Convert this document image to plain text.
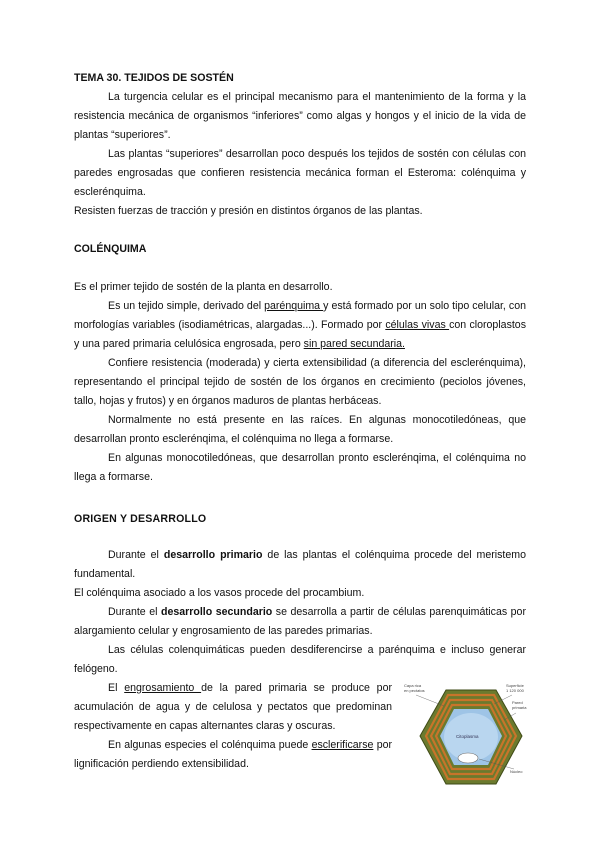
TEMA 30. TEJIDOS DE SOSTÉN

La turgencia celular es el principal mecanismo para el mantenimiento de la forma y la resistencia mecánica de organismos “inferiores” como algas y hongos y el inicio de la vida de plantas “superiores”.

Las plantas “superiores” desarrollan poco después los tejidos de sostén con células con paredes engrosadas que confieren resistencia mecánica forman el Esteroma: colénquima y esclerénquima.

Resisten fuerzas de tracción y presión en distintos órganos de las plantas.

COLÉNQUIMA

Es el primer tejido de sostén de la planta en desarrollo.

Es un tejido simple, derivado del parénquima y está formado por un solo tipo celular, con morfologías variables (isodiamétricas, alargadas...). Formado por células vivas con cloroplastos y una pared primaria celulósica engrosada, pero sin pared secundaria.

Confiere resistencia (moderada) y cierta extensibilidad (a diferencia del esclerénquima), representando el principal tejido de sostén de los órganos en crecimiento (peciolos jóvenes, tallo, hojas y frutos) y en órganos maduros de plantas herbáceas.

Normalmente no está presente en las raíces. En algunas monocotiledóneas, que desarrollan pronto esclerénqima, el colénquima no llega a formarse.

En algunas monocotiledóneas, que desarrollan pronto esclerénqima, el colénquima no llega a formarse.

ORIGEN Y DESARROLLO

Durante el desarrollo primario de las plantas el colénquima procede del meristemo fundamental.

El colénquima asociado a los vasos procede del procambium.

Durante el desarrollo secundario se desarrolla a partir de células parenquimáticas por alargamiento celular y engrosamiento de las paredes primarias.

Las células colenquimáticas pueden desdiferencirse a parénquima e incluso generar felógeno.

El engrosamiento de la pared primaria se produce por acumulación de agua y de celulosa y pectatos que predominan respectivamente en capas alternantes claras y oscuras.

En algunas especies el colénquima puede esclerificarse por lignificación perdiendo extensibilidad.

Capa rica
en pectatos
Superficie
1 120 000
Pared
primaria
Citoplasma
Núcleo
